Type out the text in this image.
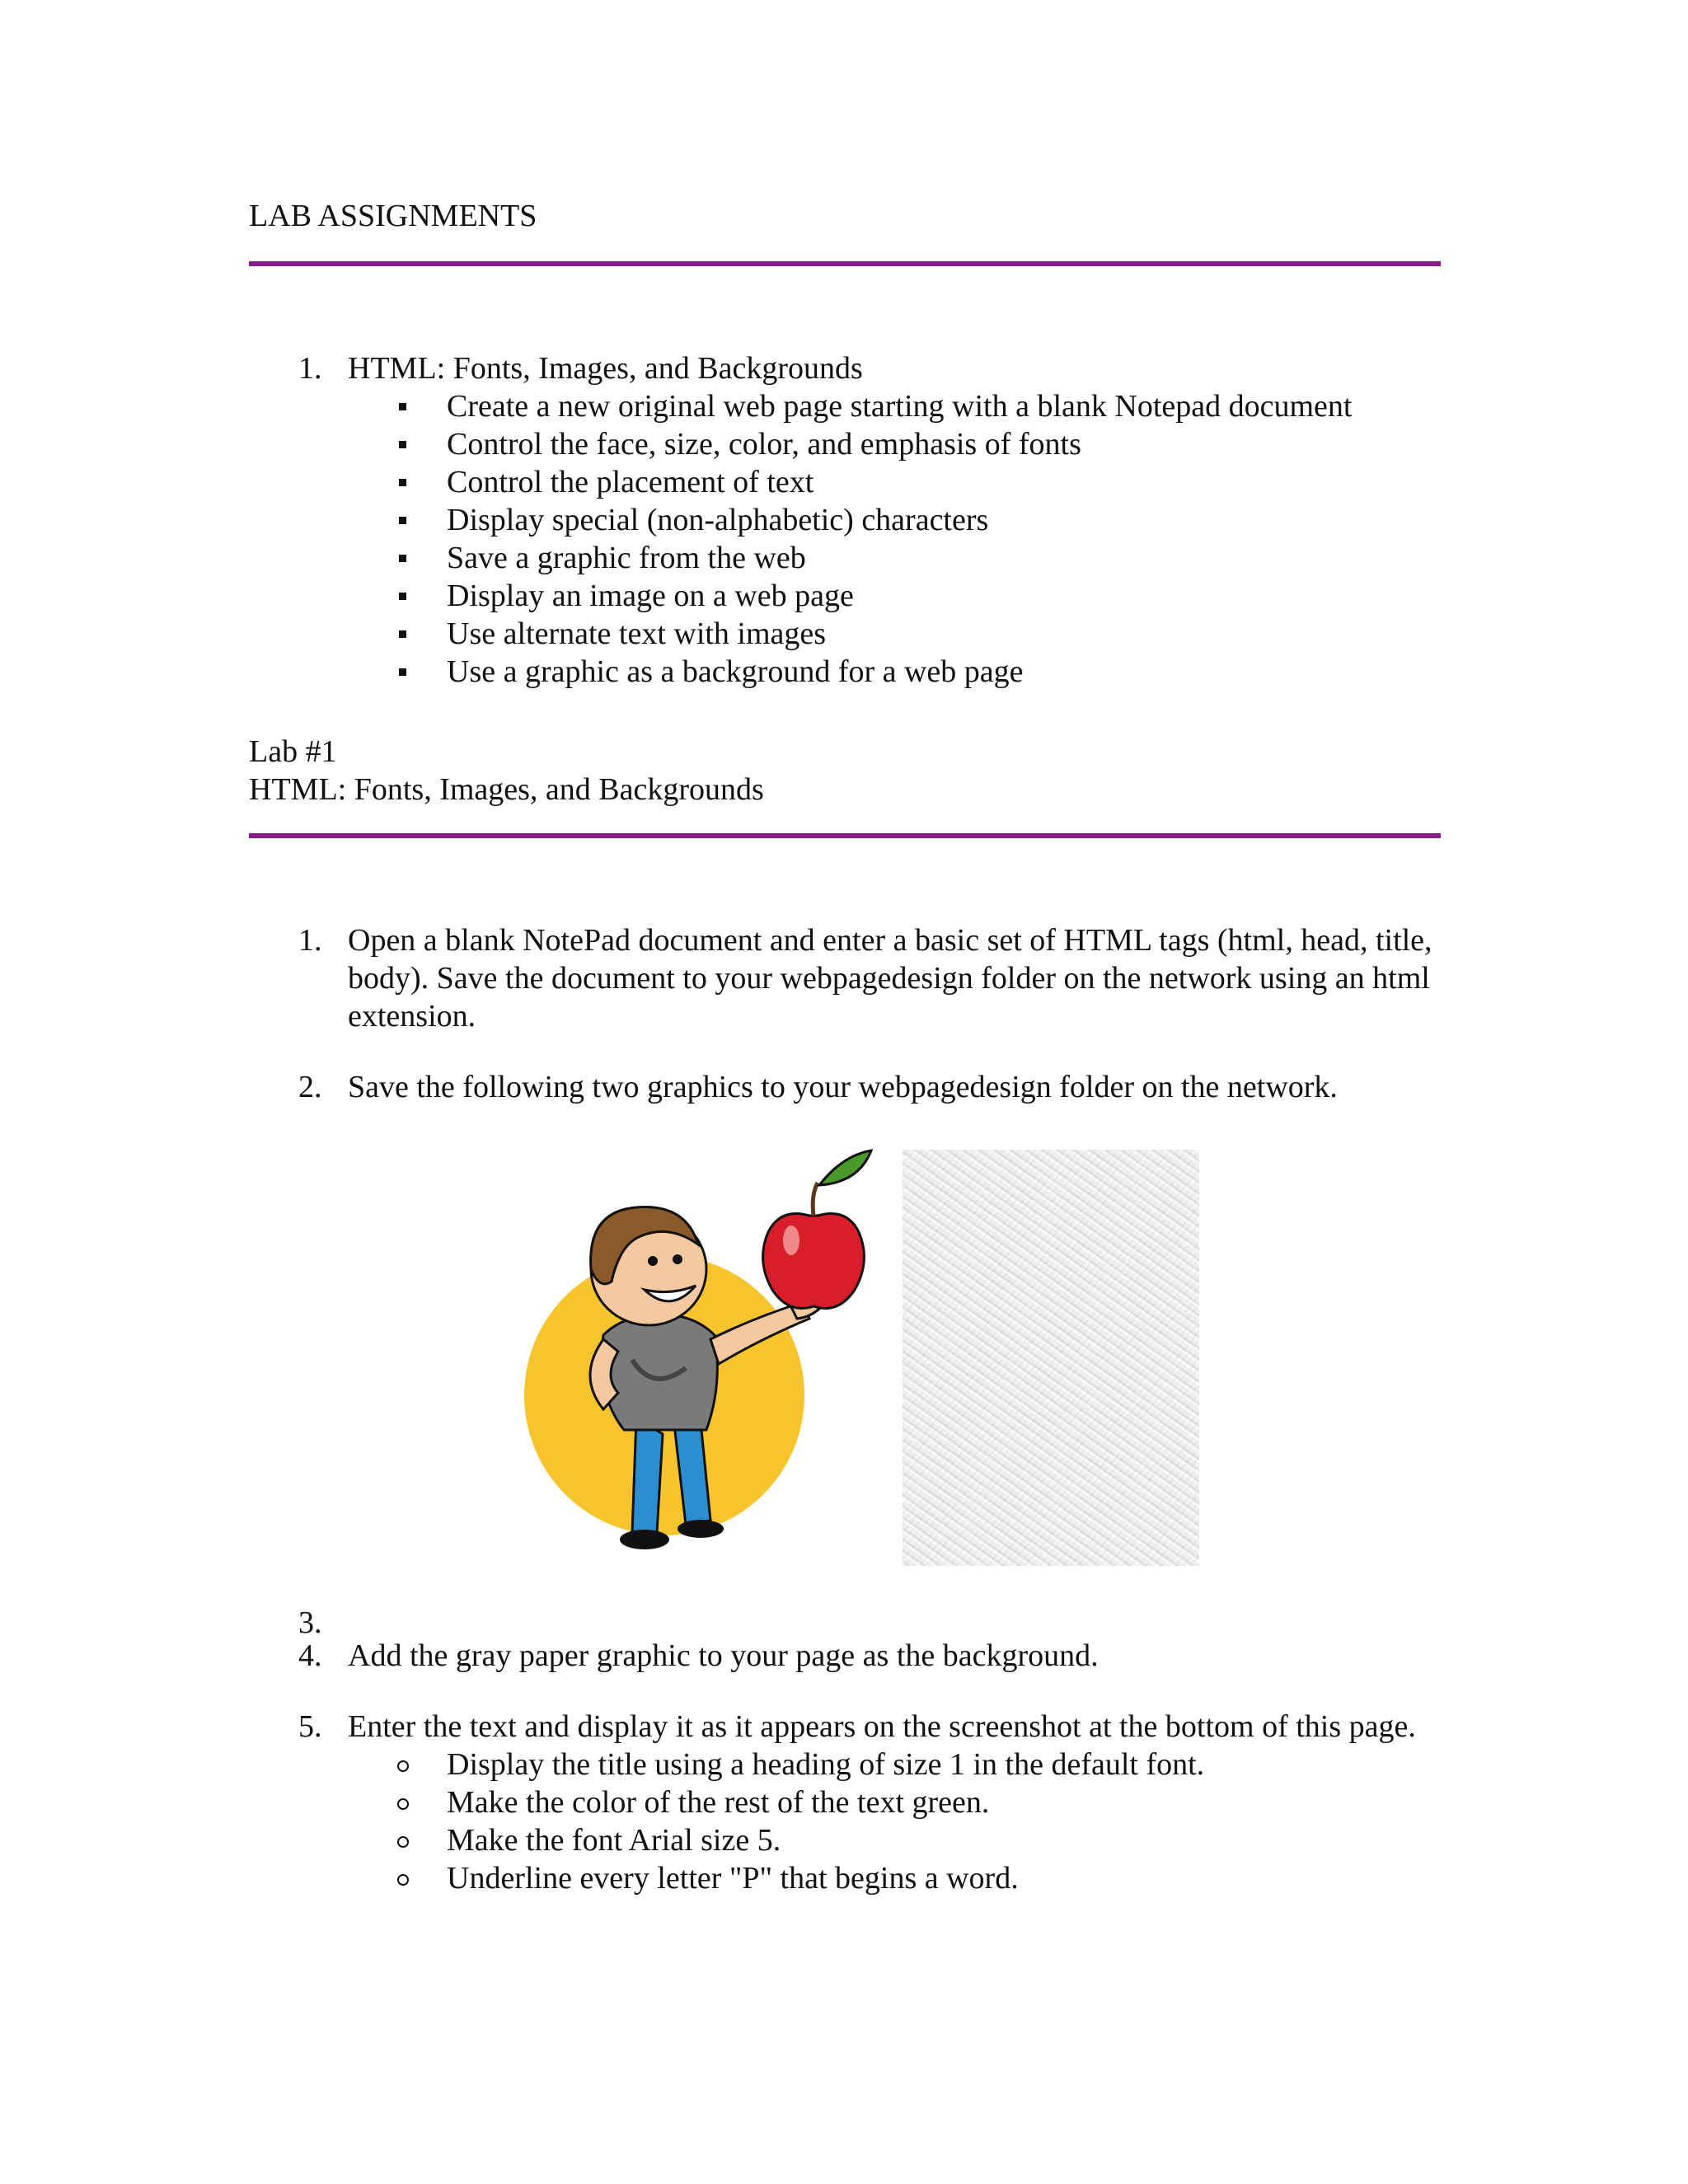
LAB ASSIGNMENTS
1. HTML: Fonts, Images, and Backgrounds
Create a new original web page starting with a blank Notepad document
Control the face, size, color, and emphasis of fonts
Control the placement of text
Display special (non-alphabetic) characters
Save a graphic from the web
Display an image on a web page
Use alternate text with images
Use a graphic as a background for a web page
Lab #1
HTML: Fonts, Images, and Backgrounds
1. Open a blank NotePad document and enter a basic set of HTML tags (html, head, title, body). Save the document to your webpagedesign folder on the network using an html extension.
2. Save the following two graphics to your webpagedesign folder on the network.
3.
4. Add the gray paper graphic to your page as the background.
5. Enter the text and display it as it appears on the screenshot at the bottom of this page.
Display the title using a heading of size 1 in the default font.
Make the color of the rest of the text green.
Make the font Arial size 5.
Underline every letter "P" that begins a word.
